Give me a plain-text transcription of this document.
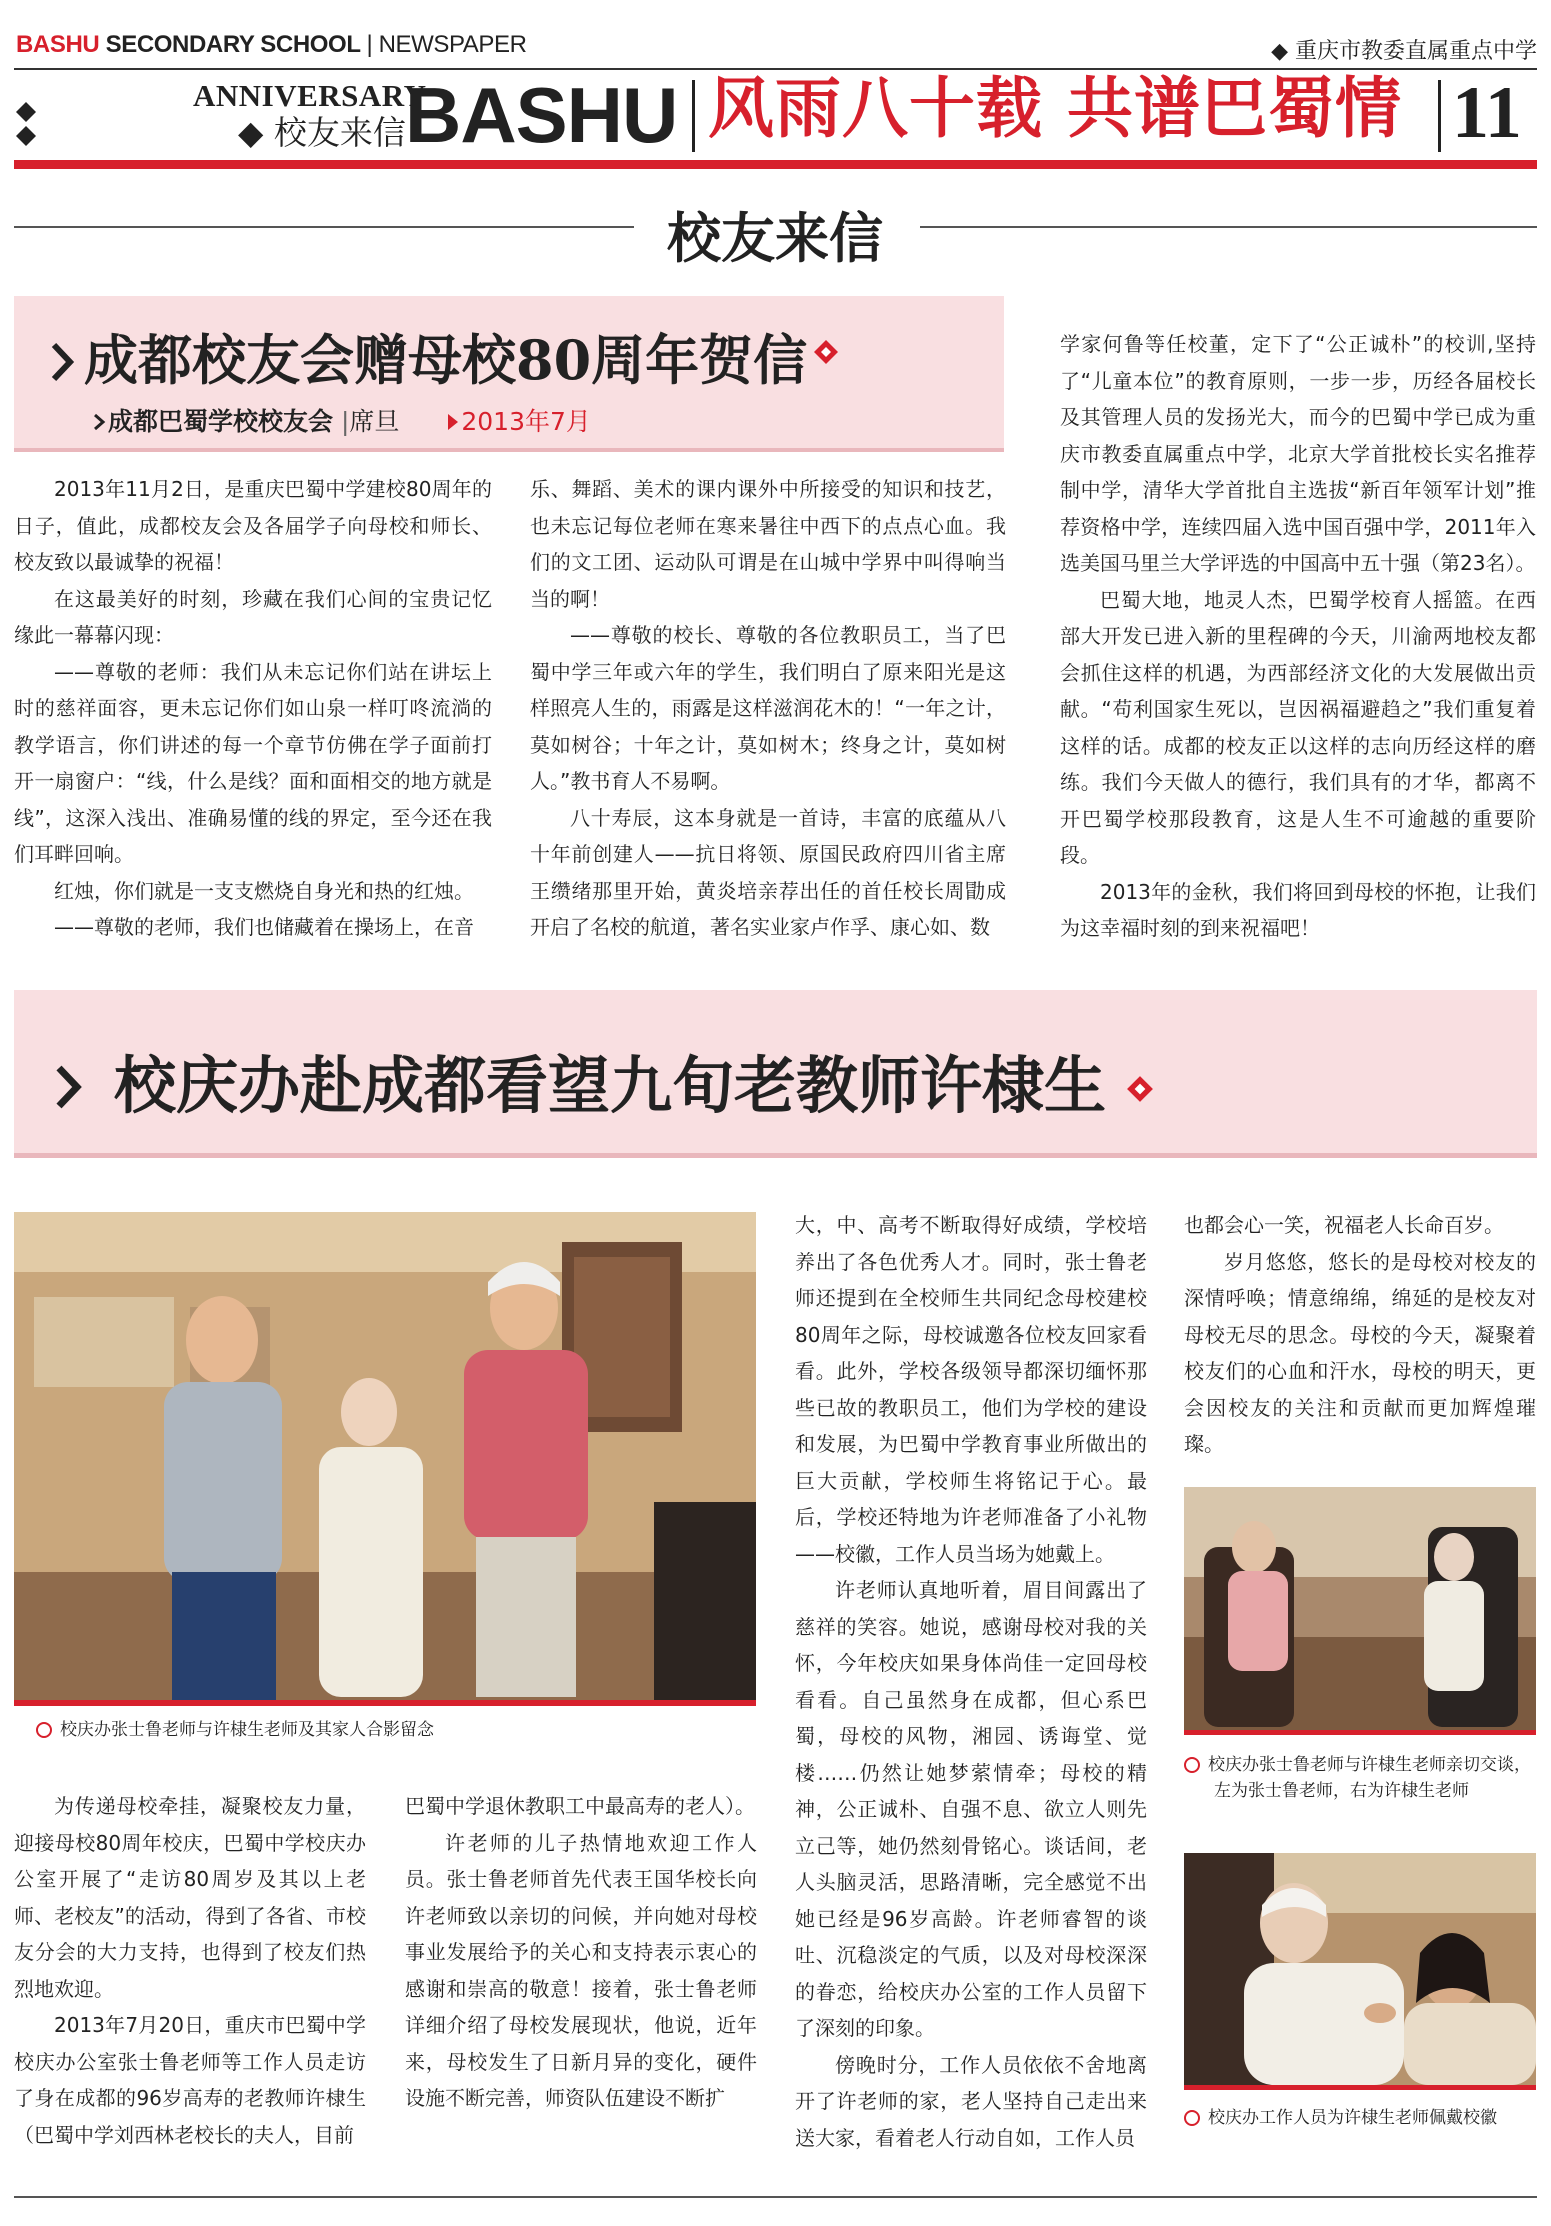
BASHU SECONDARY SCHOOL | NEWSPAPER	◆ 重庆市教委直属重点中学
ANNIVERSARY
◆ 校友来信 BASHU 风雨八十载 共谱巴蜀情 11
校友来信
成都校友会赠母校80周年贺信
成都巴蜀学校校友会 |席旦 2013年7月

2013年11月2日，是重庆巴蜀中学建校80周年的日子，值此，成都校友会及各届学子向母校和师长、校友致以最诚挚的祝福！

在这最美好的时刻，珍藏在我们心间的宝贵记忆缘此一幕幕闪现：

——尊敬的老师：我们从未忘记你们站在讲坛上时的慈祥面容，更未忘记你们如山泉一样叮咚流淌的教学语言，你们讲述的每一个章节仿佛在学子面前打开一扇窗户：“线，什么是线？面和面相交的地方就是线”，这深入浅出、准确易懂的线的界定，至今还在我们耳畔回响。

红烛，你们就是一支支燃烧自身光和热的红烛。

——尊敬的老师，我们也储藏着在操场上，在音

乐、舞蹈、美术的课内课外中所接受的知识和技艺，也未忘记每位老师在寒来暑往中西下的点点心血。我们的文工团、运动队可谓是在山城中学界中叫得响当当的啊！

——尊敬的校长、尊敬的各位教职员工，当了巴蜀中学三年或六年的学生，我们明白了原来阳光是这样照亮人生的，雨露是这样滋润花木的！“一年之计，莫如树谷；十年之计，莫如树木；终身之计，莫如树人。”教书育人不易啊。

八十寿辰，这本身就是一首诗，丰富的底蕴从八十年前创建人——抗日将领、原国民政府四川省主席王缵绪那里开始，黄炎培亲荐出任的首任校长周勖成开启了名校的航道，著名实业家卢作孚、康心如、数

学家何鲁等任校董，定下了“公正诚朴”的校训,坚持了“儿童本位”的教育原则，一步一步，历经各届校长及其管理人员的发扬光大，而今的巴蜀中学已成为重庆市教委直属重点中学，北京大学首批校长实名推荐制中学，清华大学首批自主选拔“新百年领军计划”推荐资格中学，连续四届入选中国百强中学，2011年入选美国马里兰大学评选的中国高中五十强（第23名）。

巴蜀大地，地灵人杰，巴蜀学校育人摇篮。在西部大开发已进入新的里程碑的今天，川渝两地校友都会抓住这样的机遇，为西部经济文化的大发展做出贡献。“苟利国家生死以，岂因祸福避趋之”我们重复着这样的话。成都的校友正以这样的志向历经这样的磨练。我们今天做人的德行，我们具有的才华，都离不开巴蜀学校那段教育，这是人生不可逾越的重要阶段。

2013年的金秋，我们将回到母校的怀抱，让我们为这幸福时刻的到来祝福吧！

校庆办赴成都看望九旬老教师许棣生
校庆办张士鲁老师与许棣生老师及其家人合影留念

为传递母校牵挂，凝聚校友力量，迎接母校80周年校庆，巴蜀中学校庆办公室开展了“走访80周岁及其以上老师、老校友”的活动，得到了各省、市校友分会的大力支持，也得到了校友们热烈地欢迎。

2013年7月20日，重庆市巴蜀中学校庆办公室张士鲁老师等工作人员走访了身在成都的96岁高寿的老教师许棣生（巴蜀中学刘西林老校长的夫人，目前

巴蜀中学退休教职工中最高寿的老人）。

许老师的儿子热情地欢迎工作人员。张士鲁老师首先代表王国华校长向许老师致以亲切的问候，并向她对母校事业发展给予的关心和支持表示衷心的感谢和崇高的敬意！接着，张士鲁老师详细介绍了母校发展现状，他说，近年来，母校发生了日新月异的变化，硬件设施不断完善，师资队伍建设不断扩

大，中、高考不断取得好成绩，学校培养出了各色优秀人才。同时，张士鲁老师还提到在全校师生共同纪念母校建校80周年之际，母校诚邀各位校友回家看看。此外，学校各级领导都深切缅怀那些已故的教职员工，他们为学校的建设和发展，为巴蜀中学教育事业所做出的巨大贡献，学校师生将铭记于心。最后，学校还特地为许老师准备了小礼物——校徽，工作人员当场为她戴上。

许老师认真地听着，眉目间露出了慈祥的笑容。她说，感谢母校对我的关怀，今年校庆如果身体尚佳一定回母校看看。自己虽然身在成都，但心系巴蜀，母校的风物，湘园、诱诲堂、觉楼……仍然让她梦萦情牵；母校的精神，公正诚朴、自强不息、欲立人则先立己等，她仍然刻骨铭心。谈话间，老人头脑灵活，思路清晰，完全感觉不出她已经是96岁高龄。许老师睿智的谈吐、沉稳淡定的气质，以及对母校深深的眷恋，给校庆办公室的工作人员留下了深刻的印象。

傍晚时分，工作人员依依不舍地离开了许老师的家，老人坚持自己走出来送大家，看着老人行动自如，工作人员

也都会心一笑，祝福老人长命百岁。

岁月悠悠，悠长的是母校对校友的深情呼唤；情意绵绵，绵延的是校友对母校无尽的思念。母校的今天，凝聚着校友们的心血和汗水，母校的明天，更会因校友的关注和贡献而更加辉煌璀璨。

校庆办张士鲁老师与许棣生老师亲切交谈，
左为张士鲁老师，右为许棣生老师
校庆办工作人员为许棣生老师佩戴校徽
